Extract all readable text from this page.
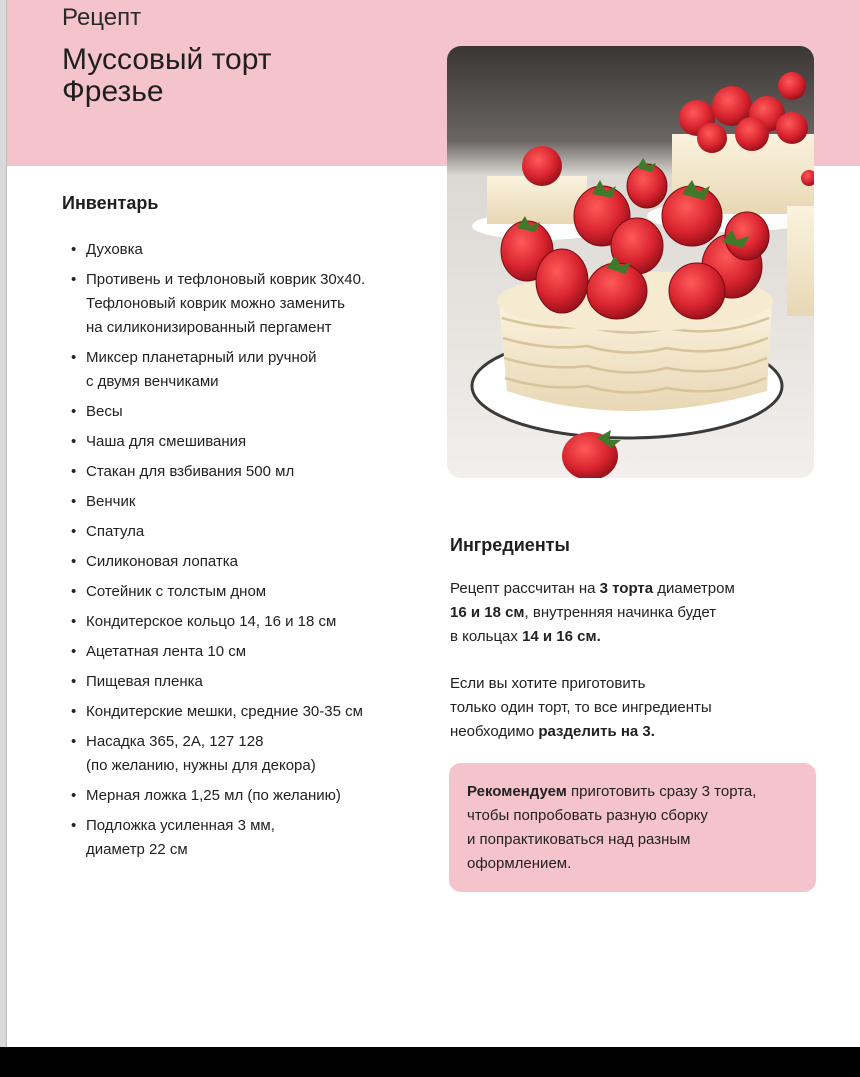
Рецепт
Муссовый торт
Фрезье
Инвентарь
• Духовка
• Противень и тефлоновый коврик 30х40.
Тефлоновый коврик можно заменить
на силиконизированный пергамент
• Миксер планетарный или ручной
с двумя венчиками
• Весы
• Чаша для смешивания
• Стакан для взбивания 500 мл
• Венчик
• Спатула
• Силиконовая лопатка
• Сотейник с толстым дном
• Кондитерское кольцо 14, 16 и 18 см
• Ацетатная лента 10 см
• Пищевая пленка
• Кондитерские мешки, средние 30-35 см
• Насадка 365, 2А, 127 128
(по желанию, нужны для декора)
• Мерная ложка 1,25 мл (по желанию)
• Подложка усиленная 3 мм,
диаметр 22 см
Ингредиенты
Рецепт рассчитан на 3 торта диаметром
16 и 18 см, внутренняя начинка будет
в кольцах 14 и 16 см.
Если вы хотите приготовить
только один торт, то все ингредиенты
необходимо разделить на 3.
Рекомендуем приготовить сразу 3 торта,
чтобы попробовать разную сборку
и попрактиковаться над разным
оформлением.
